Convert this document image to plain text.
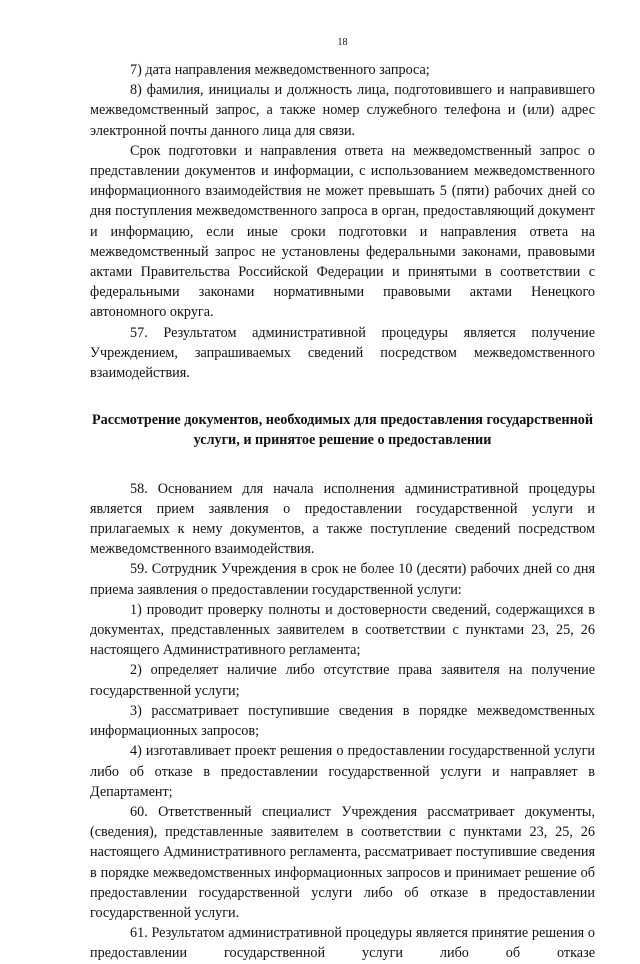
18

7) дата направления межведомственного запроса;

8) фамилия, инициалы и должность лица, подготовившего и направившего межведомственный запрос, а также номер служебного телефона и (или) адрес электронной почты данного лица для связи.

Срок подготовки и направления ответа на межведомственный запрос о представлении документов и информации, с использованием межведомственного информационного взаимодействия не может превышать 5 (пяти) рабочих дней со дня поступления межведомственного запроса в орган, предоставляющий документ и информацию, если иные сроки подготовки и направления ответа на межведомственный запрос не установлены федеральными законами, правовыми актами Правительства Российской Федерации и принятыми в соответствии с федеральными законами нормативными правовыми актами Ненецкого автономного округа.

57. Результатом административной процедуры является получение Учреждением, запрашиваемых сведений посредством межведомственного взаимодействия.

Рассмотрение документов, необходимых для предоставления государственной услуги, и принятое решение о предоставлении

58. Основанием для начала исполнения административной процедуры является прием заявления о предоставлении государственной услуги и прилагаемых к нему документов, а также поступление сведений посредством межведомственного взаимодействия.

59. Сотрудник Учреждения в срок не более 10 (десяти) рабочих дней со дня приема заявления о предоставлении государственной услуги:

1) проводит проверку полноты и достоверности сведений, содержащихся в документах, представленных заявителем в соответствии с пунктами 23, 25, 26 настоящего Административного регламента;

2) определяет наличие либо отсутствие права заявителя на получение государственной услуги;

3) рассматривает поступившие сведения в порядке межведомственных информационных запросов;

4) изготавливает проект решения о предоставлении государственной услуги либо об отказе в предоставлении государственной услуги и направляет в Департамент;

60. Ответственный специалист Учреждения рассматривает документы, (сведения), представленные заявителем в соответствии с пунктами 23, 25, 26 настоящего Административного регламента, рассматривает поступившие сведения в порядке межведомственных информационных запросов и принимает решение об предоставлении государственной услуги либо об отказе в предоставлении государственной услуги.

61. Результатом административной процедуры является принятие решения о предоставлении государственной услуги либо об отказе
